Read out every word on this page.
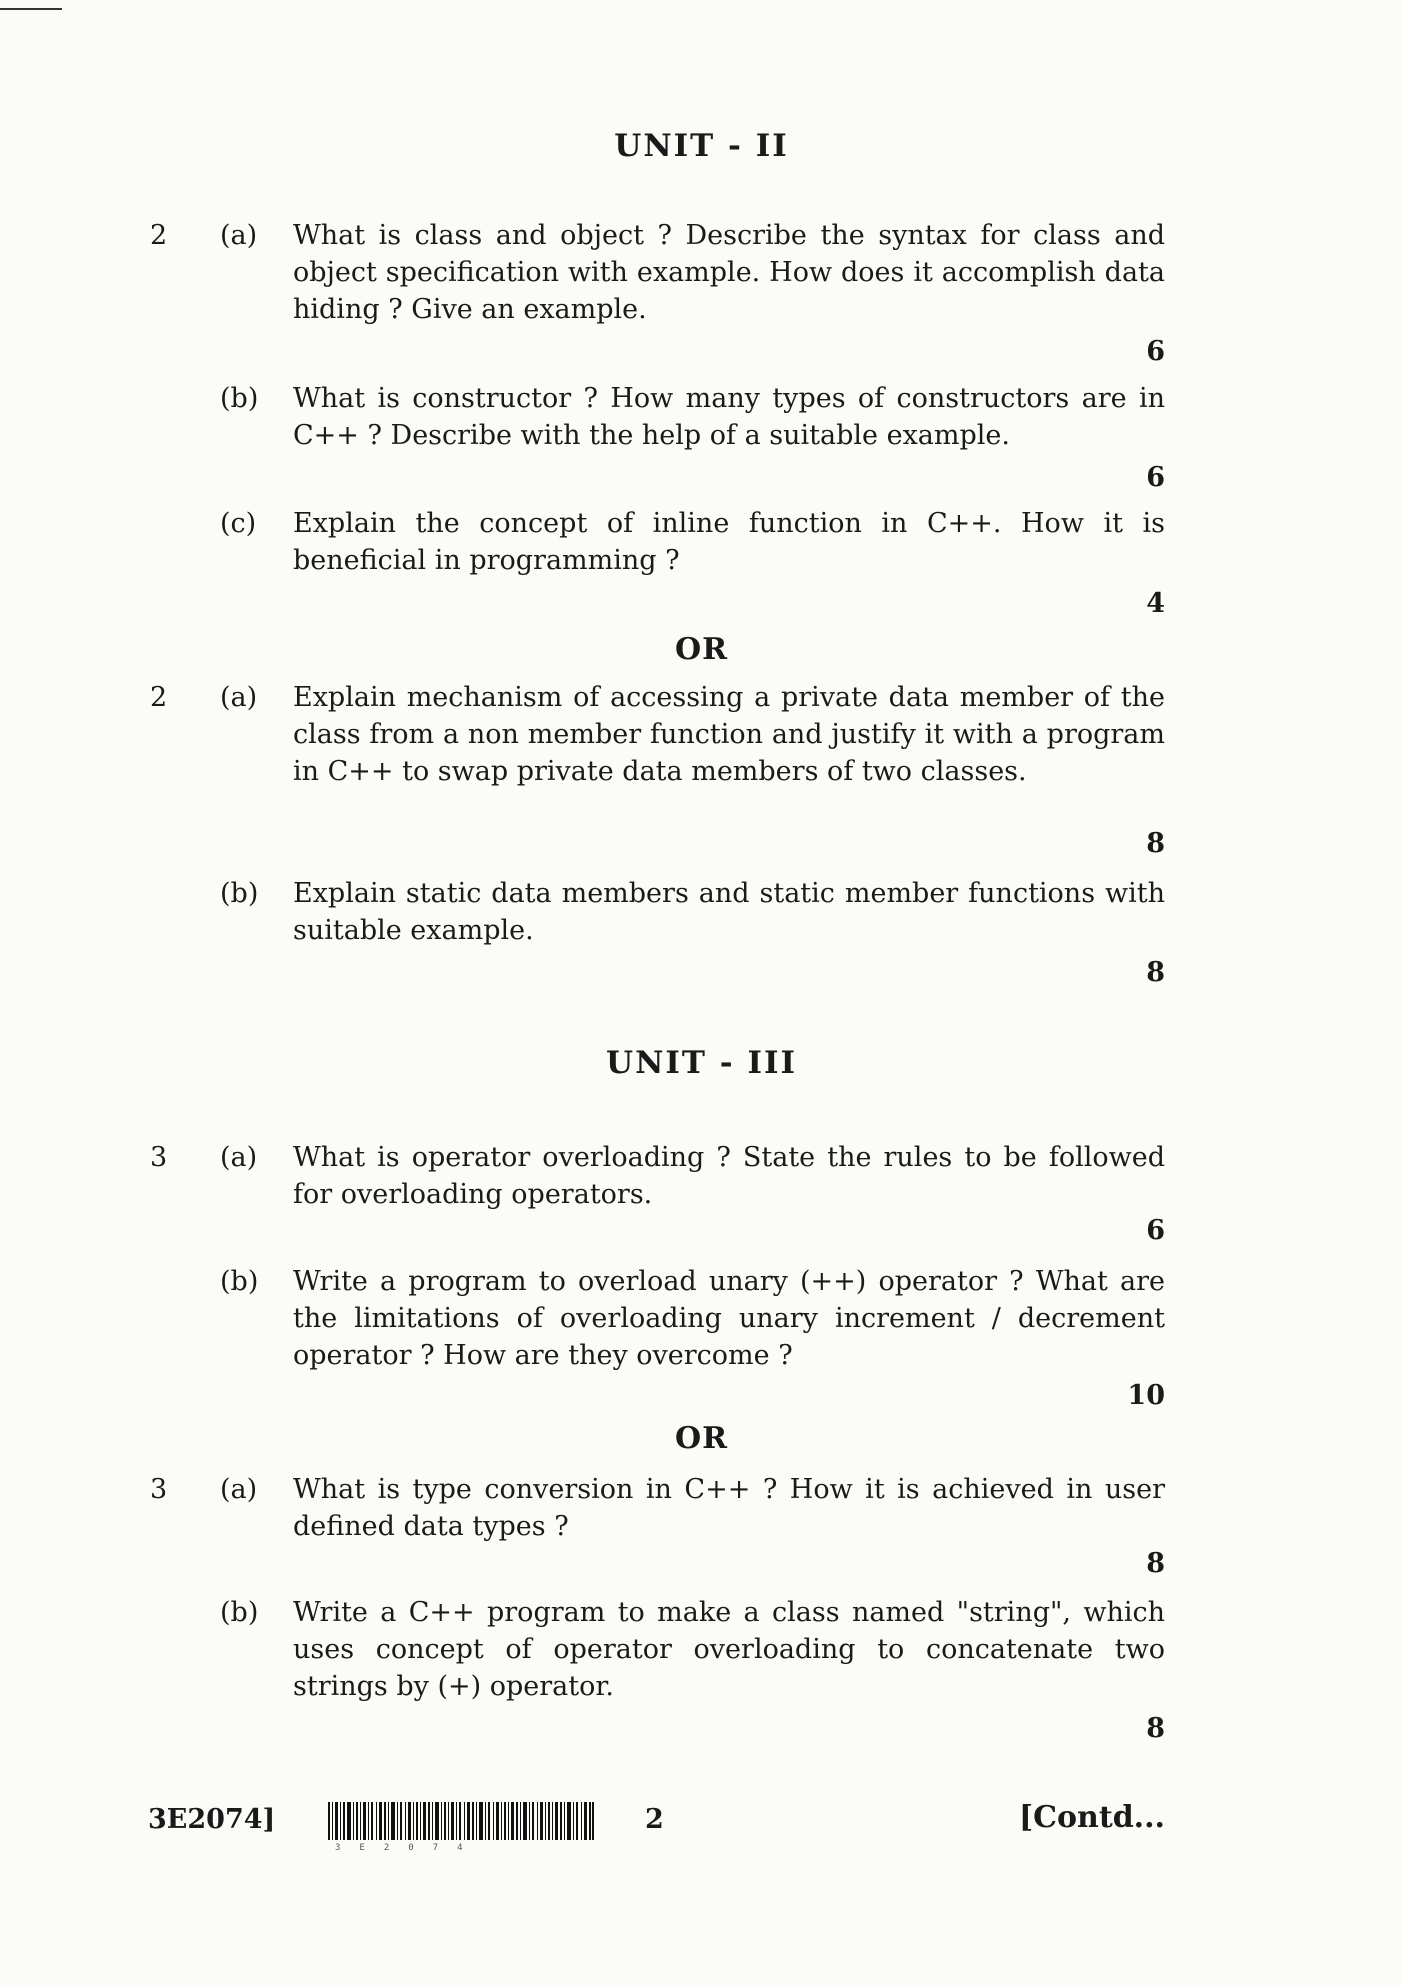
UNIT - II
2 (a) What is class and object ? Describe the syntax for class and object specification with example. How does it accomplish data hiding ? Give an example.
6
(b) What is constructor ? How many types of constructors are in C++ ? Describe with the help of a suitable example.
6
(c) Explain the concept of inline function in C++. How it is beneficial in programming ?
4
OR
2 (a) Explain mechanism of accessing a private data member of the class from a non member function and justify it with a program in C++ to swap private data members of two classes.
8
(b) Explain static data members and static member functions with suitable example.
8
UNIT - III
3 (a) What is operator overloading ? State the rules to be followed for overloading operators.
6
(b) Write a program to overload unary (++) operator ? What are the limitations of overloading unary increment / decrement operator ? How are they overcome ?
10
OR
3 (a) What is type conversion in C++ ? How it is achieved in user defined data types ?
8
(b) Write a C++ program to make a class named "string", which uses concept of operator overloading to concatenate two strings by (+) operator.
8
3E2074]
3E2074
2	[Contd...
